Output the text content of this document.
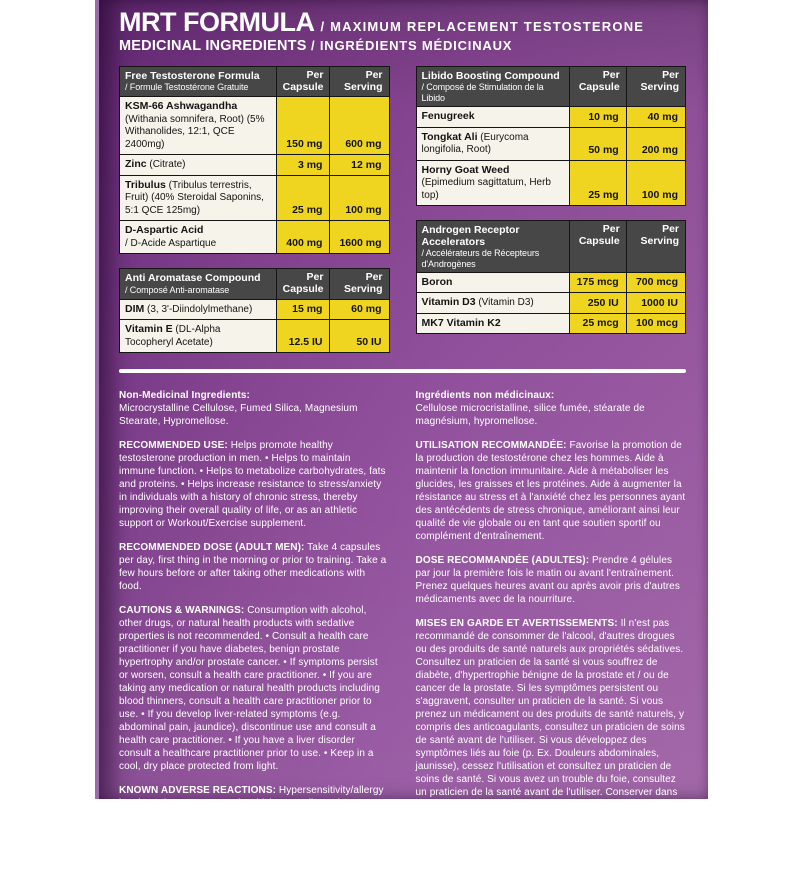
MRT FORMULA / MAXIMUM REPLACEMENT TESTOSTERONE
MEDICINAL INGREDIENTS / INGRÉDIENTS MÉDICINAUX
Free Testosterone Formula
/ Formule Testostérone Gratuite	Per Capsule	Per Serving
KSM-66 Ashwagandha (Withania somnifera, Root) (5% Withanolides, 12:1, QCE 2400mg)	150 mg	600 mg
Zinc (Citrate)	3 mg	12 mg
Tribulus (Tribulus terrestris, Fruit) (40% Steroidal Saponins, 5:1 QCE 125mg)	25 mg	100 mg
D-Aspartic Acid
/ D-Acide Aspartique	400 mg	1600 mg
Anti Aromatase Compound
/ Composé Anti-aromatase	Per Capsule	Per Serving
DIM (3, 3'-Diindolylmethane)	15 mg	60 mg
Vitamin E (DL-Alpha Tocopheryl Acetate)	12.5 IU	50 IU
Libido Boosting Compound
/ Composé de Stimulation de la Libido	Per Capsule	Per Serving
Fenugreek	10 mg	40 mg
Tongkat Ali (Eurycoma longifolia, Root)	50 mg	200 mg
Horny Goat Weed (Epimedium sagittatum, Herb top)	25 mg	100 mg
Androgen Receptor Accelerators
/ Accélérateurs de Récepteurs d'Androgènes	Per Capsule	Per Serving
Boron	175 mcg	700 mcg
Vitamin D3 (Vitamin D3)	250 IU	1000 IU
MK7 Vitamin K2	25 mcg	100 mcg

Non-Medicinal Ingredients:
Microcrystalline Cellulose, Fumed Silica, Magnesium Stearate, Hypromellose.

RECOMMENDED USE: Helps promote healthy testosterone production in men. • Helps to maintain immune function. • Helps to metabolize carbohydrates, fats and proteins. • Helps increase resistance to stress/anxiety in individuals with a history of chronic stress, thereby improving their overall quality of life, or as an athletic support or Workout/Exercise supplement.

RECOMMENDED DOSE (ADULT MEN): Take 4 capsules per day, first thing in the morning or prior to training. Take a few hours before or after taking other medications with food.

CAUTIONS & WARNINGS: Consumption with alcohol, other drugs, or natural health products with sedative properties is not recommended. • Consult a health care practitioner if you have diabetes, benign prostate hypertrophy and/or prostate cancer. • If symptoms persist or worsen, consult a health care practitioner. • If you are taking any medication or natural health products including blood thinners, consult a health care practitioner prior to use. • If you develop liver-related symptoms (e.g. abdominal pain, jaundice), discontinue use and consult a health care practitioner. • If you have a liver disorder consult a healthcare practitioner prior to use. • Keep in a cool, dry place protected from light.

KNOWN ADVERSE REACTIONS: Hypersensitivity/allergy has been known to occur; in which case, discontinue use. *Do not use if the seal is broken or missing. Keep out of reach of children.

Ingrédients non médicinaux:
Cellulose microcristalline, silice fumée, stéarate de magnésium, hypromellose.

UTILISATION RECOMMANDÉE: Favorise la promotion de la production de testostérone chez les hommes. Aide à maintenir la fonction immunitaire. Aide à métaboliser les glucides, les graisses et les protéines. Aide à augmenter la résistance au stress et à l'anxiété chez les personnes ayant des antécédents de stress chronique, améliorant ainsi leur qualité de vie globale ou en tant que soutien sportif ou complément d'entraînement.

DOSE RECOMMANDÉE (ADULTES): Prendre 4 gélules par jour la première fois le matin ou avant l'entraînement. Prenez quelques heures avant ou après avoir pris d'autres médicaments avec de la nourriture.

MISES EN GARDE ET AVERTISSEMENTS: Il n'est pas recommandé de consommer de l'alcool, d'autres drogues ou des produits de santé naturels aux propriétés sédatives. Consultez un praticien de la santé si vous souffrez de diabète, d'hypertrophie bénigne de la prostate et / ou de cancer de la prostate. Si les symptômes persistent ou s'aggravent, consulter un praticien de la santé. Si vous prenez un médicament ou des produits de santé naturels, y compris des anticoagulants, consultez un praticien de soins de santé avant de l'utiliser. Si vous développez des symptômes liés au foie (p. Ex. Douleurs abdominales, jaunisse), cessez l'utilisation et consultez un praticien de soins de santé. Si vous avez un trouble du foie, consultez un praticien de la santé avant de l'utiliser. Conserver dans un endroit frais et sec à l'abri de la lumière.

REACTIONS INDÉSIRABLES CONNUES: On sait que l'hypersensibilité / l'allergie se produit; Dans ce cas, cesser l'utilisation. * Ne pas utiliser si le joint est cassé ou manquant. Tenir hors de la portée des enfants.
